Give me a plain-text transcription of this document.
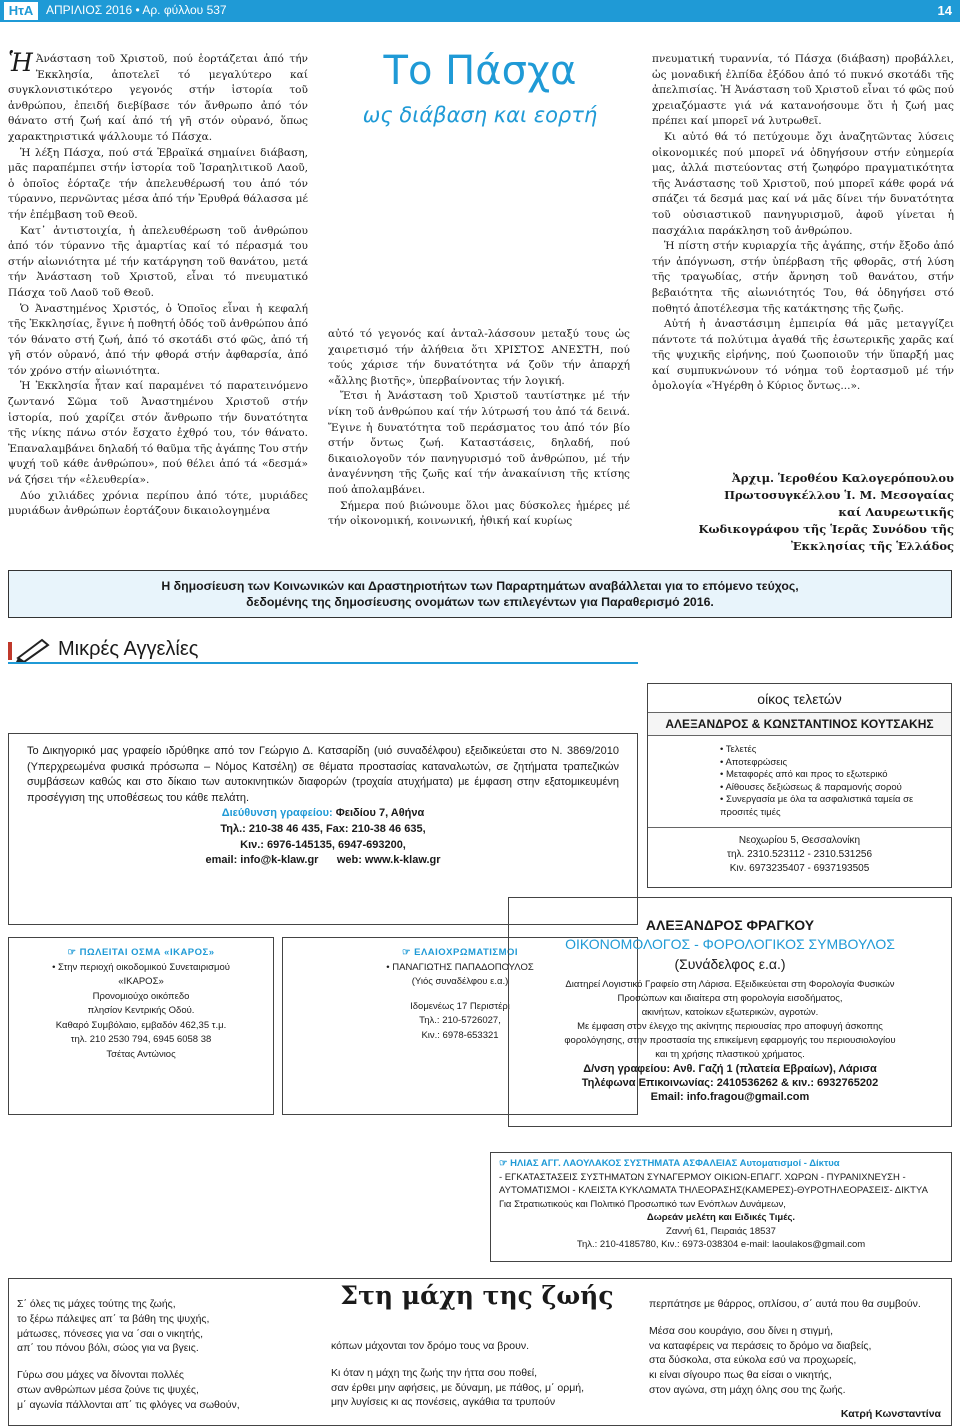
ΗτΑ	ΑΠΡΙΛΙΟΣ 2016 • Αρ. φύλλου 537	14

ἩἈνάσταση τοῦ Χριστοῦ, πού ἑορτάζεται ἀπό τήν Ἐκκλησία, ἀποτελεῖ τό μεγαλύτερο καί συγκλονιστικότερο γεγονός στήν ἱστορία τοῦ ἀνθρώπου, ἐπειδή διεβίβασε τόν ἄνθρωπο ἀπό τόν θάνατο στή ζωή καί ἀπό τή γῆ στόν οὐρανό, ὅπως χαρακτηριστικά ψάλλουμε τό Πάσχα.

Ἡ λέξη Πάσχα, πού στά Ἑβραϊκά σημαίνει διάβαση, μᾶς παραπέμπει στήν ἱστορία τοῦ Ἰσραηλιτικοῦ Λαοῦ, ὁ ὁποῖος ἑόρταζε τήν ἀπελευθέρωσή του ἀπό τόν τύραννο, περνῶντας μέσα ἀπό τήν Ἐρυθρά θάλασσα μέ τήν ἐπέμβαση τοῦ Θεοῦ.

Κατ᾽ ἀντιστοιχία, ἡ ἀπελευθέρωση τοῦ ἀνθρώπου ἀπό τόν τύραννο τῆς ἁμαρτίας καί τό πέρασμά του στήν αἰωνιότητα μέ τήν κατάργηση τοῦ θανάτου, μετά τήν Ἀνάσταση τοῦ Χριστοῦ, εἶναι τό πνευματικό Πάσχα τοῦ Λαοῦ τοῦ Θεοῦ.

Ὁ Ἀναστημένος Χριστός, ὁ Ὁποῖος εἶναι ἡ κεφαλή τῆς Ἐκκλησίας, ἔγινε ἡ ποθητή ὁδός τοῦ ἀνθρώπου ἀπό τόν θάνατο στή ζωή, ἀπό τό σκοτάδι στό φῶς, ἀπό τή γῆ στόν οὐρανό, ἀπό τήν φθορά στήν ἀφθαρσία, ἀπό τόν χρόνο στήν αἰωνιότητα.

Ἡ Ἐκκλησία ἦταν καί παραμένει τό παρατεινόμενο ζωντανό Σῶμα τοῦ Ἀναστημένου Χριστοῦ στήν ἱστορία, πού χαρίζει στόν ἄνθρωπο τήν δυνατότητα τῆς νίκης πάνω στόν ἔσχατο ἐχθρό του, τόν θάνατο. Ἐπαναλαμβάνει δηλαδή τό θαῦμα τῆς ἀγάπης Του στήν ψυχή τοῦ κάθε ἀνθρώπου», πού θέλει ἀπό τά «δεσμά» νά ζήσει τήν «ἐλευθερία».

Δύο χιλιάδες χρόνια περίπου ἀπό τότε, μυριάδες μυριάδων ἀνθρώπων ἑορτάζουν δικαιολογημένα

Το Πάσχα
ως διάβαση και εορτή

αὐτό τό γεγονός καί ἀνταλ-λάσσουν μεταξύ τους ὡς χαιρετισμό τήν ἀλήθεια ὅτι ΧΡΙΣΤΟΣ ΑΝΕΣΤΗ, πού τούς χάρισε τήν δυνατότητα νά ζοῦν τήν ἀπαρχή «ἄλλης βιοτῆς», ὑπερβαίνοντας τήν λογική.

Ἔτσι ἡ Ἀνάσταση τοῦ Χριστοῦ ταυτίστηκε μέ τήν νίκη τοῦ ἀνθρώπου καί τήν λύτρωσή του ἀπό τά δεινά. Ἔγινε ἡ δυνατότητα τοῦ περάσματος του ἀπό τόν βίο στήν ὄντως ζωή. Καταστάσεις, δηλαδή, πού δικαιολογοῦν τόν πανηγυρισμό τοῦ ἀνθρώπου, μέ τήν ἀναγέννηση τῆς ζωῆς καί τήν ἀνακαίνιση τῆς κτίσης πού ἀπολαμβάνει.

Σήμερα πού βιώνουμε ὅλοι μας δύσκολες ἡμέρες μέ τήν οἰκονομική, κοινωνική, ἠθική καί κυρίως

πνευματική τυραννία, τό Πάσχα (διάβαση) προβάλλει, ὡς μοναδική ἐλπίδα ἐξόδου ἀπό τό πυκνό σκοτάδι τῆς ἀπελπισίας. Ἡ Ἀνάσταση τοῦ Χριστοῦ εἶναι τό φῶς πού χρειαζόμαστε γιά νά κατανοήσουμε ὅτι ἡ ζωή μας πρέπει καί μπορεῖ νά λυτρωθεῖ.

Κι αὐτό θά τό πετύχουμε ὄχι ἀναζητῶντας λύσεις οἰκονομικές πού μπορεῖ νά ὁδηγήσουν στήν εὐημερία μας, ἀλλά πιστεύοντας στή ζωηφόρο πραγματικότητα τῆς Ἀνάστασης τοῦ Χριστοῦ, πού μπορεῖ κάθε φορά νά σπάζει τά δεσμά μας καί νά μᾶς δίνει τήν δυνατότητα τοῦ οὐσιαστικοῦ πανηγυρισμοῦ, ἀφοῦ γίνεται ἡ πασχάλια παράκληση τοῦ ἀνθρώπου.

Ἡ πίστη στήν κυριαρχία τῆς ἀγάπης, στήν ἔξοδο ἀπό τήν ἀπόγνωση, στήν ὑπέρβαση τῆς φθορᾶς, στή λύση τῆς τραγωδίας, στήν ἄρνηση τοῦ θανάτου, στήν βεβαιότητα τῆς αἰωνιότητός Του, θά ὁδηγήσει στό ποθητό ἀποτέλεσμα τῆς κατάκτησης τῆς ζωῆς.

Αὐτή ἡ ἀναστάσιμη ἐμπειρία θά μᾶς μεταγγίζει πάντοτε τά πολύτιμα ἀγαθά τῆς ἐσωτερικῆς χαρᾶς καί τῆς ψυχικῆς εἰρήνης, πού ζωοποιοῦν τήν ὕπαρξή μας καί συμπυκνώνουν τό νόημα τοῦ ἑορτασμοῦ μέ τήν ὁμολογία «Ἠγέρθη ὁ Κύριος ὄντως...».

Ἀρχιμ. Ἱεροθέου Καλογερόπουλου
Πρωτοσυγκέλλου Ἱ. Μ. Μεσογαίας
καί Λαυρεωτικῆς
Κωδικογράφου τῆς Ἱερᾶς Συνόδου τῆς
Ἐκκλησίας τῆς Ἑλλάδος
Η δημοσίευση των Κοινωνικών και Δραστηριοτήτων των Παραρτημάτων αναβάλλεται για το επόμενο τεύχος,
δεδομένης της δημοσίευσης ονομάτων των επιλεγέντων για Παραθερισμό 2016.
Μικρές Αγγελίες
Το Δικηγορικό μας γραφείο ιδρύθηκε από τον Γεώργιο Δ. Κατσαρίδη (υιό συναδέλφου) εξειδικεύεται στο Ν. 3869/2010 (Υπερχρεωμένα φυσικά πρόσωπα – Νόμος Κατσέλη) σε θέματα προστασίας καταναλωτών, σε ζητήματα τραπεζικών συμβάσεων καθώς και στο δίκαιο των αυτοκινητικών διαφορών (τροχαία ατυχήματα) με έμφαση στην εξατομικευμένη προσέγγιση της υποθέσεως του κάθε πελάτη.
Διεύθυνση γραφείου: Φειδίου 7, Αθήνα
Τηλ.: 210-38 46 435, Fax: 210-38 46 635,
Κιν.: 6976-145135, 6947-693200,
email: info@k-klaw.gr web: www.k-klaw.gr
☞ ΠΩΛΕΙΤΑΙ ΟΣΜΑ «ΙΚΑΡΟΣ»
• Στην περιοχή οικοδομικού Συνεταιρισμού
«ΙΚΑΡΟΣ»
Προνομιούχο οικόπεδο
πλησίον Κεντρικής Οδού.
Καθαρό Συμβόλαιο, εμβαδόν 462,35 τ.μ.
τηλ. 210 2530 794, 6945 6058 38
Τσέτας Αντώνιος
☞ ΕΛΑΙΟΧΡΩΜΑΤΙΣΜΟΙ
• ΠΑΝΑΓΙΩΤΗΣ ΠΑΠΑΔΟΠΟΥΛΟΣ
(Υιός συναδέλφου ε.α.)
Ιδομενέως 17 Περιστέρι
Τηλ.: 210-5726027,
Κιν.: 6978-653321
οίκος τελετών
ΑΛΕΞΑΝΔΡΟΣ & ΚΩΝΣΤΑΝΤΙΝΟΣ ΚΟΥΤΣΑΚΗΣ
• Τελετές
• Αποτεφρώσεις
• Μεταφορές από και προς το εξωτερικό
• Αίθουσες δεξιώσεως & παραμονής σορού
• Συνεργασία με όλα τα ασφαλιστικά ταμεία σε προσιτές τιμές
Νεοχωρίου 5, Θεσσαλονίκη
τηλ. 2310.523112 - 2310.531256
Κιν. 6973235407 - 6937193505
ΑΛΕΞΑΝΔΡΟΣ ΦΡΑΓΚΟΥ
ΟΙΚΟΝΟΜΟΛΟΓΟΣ - ΦΟΡΟΛΟΓΙΚΟΣ ΣΥΜΒΟΥΛΟΣ
(Συνάδελφος ε.α.)
Διατηρεί Λογιστικό Γραφείο στη Λάρισα. Εξειδικεύεται στη Φορολογία Φυσικών
Προσώπων και ιδιαίτερα στη φορολογία εισοδήματος,
ακινήτων, κατοίκων εξωτερικών, αγροτών.
Με έμφαση στον έλεγχο της ακίνητης περιουσίας προ αποφυγή άσκοπης
φορολόγησης, στην προστασία της επικείμενη εφαρμογής του περιουσιολογίου
και τη χρήσης πλαστικού χρήματος.
Δ/νση γραφείου: Ανθ. Γαζή 1 (πλατεία Εβραίων), Λάρισα
Τηλέφωνα Επικοινωνίας: 2410536262 & κιν.: 6932765202
Email: info.fragou@gmail.com
☞ ΗΛΙΑΣ ΑΓΓ. ΛΑΟΥΛΑΚΟΣ ΣΥΣΤΗΜΑΤΑ ΑΣΦΑΛΕΙΑΣ Αυτοματισμοί - Δίκτυα
- ΕΓΚΑΤΑΣΤΑΣΕΙΣ ΣΥΣΤΗΜΑΤΩΝ ΣΥΝΑΓΕΡΜΟΥ ΟΙΚΙΩΝ-ΕΠΑΓΓ. ΧΩΡΩΝ - ΠΥΡΑΝΙΧΝΕΥΣΗ - ΑΥΤΟΜΑΤΙΣΜΟΙ - ΚΛΕΙΣΤΑ ΚΥΚΛΩΜΑΤΑ ΤΗΛΕΟΡΑΣΗΣ(ΚΑΜΕΡΕΣ)-ΘΥΡΟΤΗΛΕΟΡΑΣΕΙΣ- ΔΙΚΤΥΑ
Για Στρατιωτικούς και Πολιτικό Προσωπικό των Ενόπλων Δυνάμεων,
Δωρεάν μελέτη και Ειδικές Τιμές.
Ζαννή 61, Πειραιάς 18537
Τηλ.: 210-4185780, Κιν.: 6973-038304 e-mail: laoulakos@gmail.com
Στη μάχη της ζωής
Σ΄ όλες τις μάχες τούτης της ζωής,
το ξέρω πάλεψες απ΄ τα βάθη της ψυχής,
μάτωσες, πόνεσες για να ΄σαι ο νικητής,
απ΄ του πόνου βόλι, σώος για να βγεις.
Γύρω σου μάχες να δίνονται πολλές
στων ανθρώπων μέσα ζούνε τις ψυχές,
μ΄ αγωνία πάλλονται απ΄ τις φλόγες να σωθούν,
κόπων μάχονται τον δρόμο τους να βρουν.
Κι όταν η μάχη της ζωής την ήττα σου ποθεί,
σαν έρθει μην αφήσεις, με δύναμη, με πάθος, μ΄ ορμή,
μην λυγίσεις κι ας πονέσεις, αγκάθια τα τρυπούν
περπάτησε με θάρρος, οπλίσου, σ΄ αυτά που θα συμβούν.
Μέσα σου κουράγιο, σου δίνει η στιγμή,
να καταφέρεις να περάσεις το δρόμο να διαβείς,
στα δύσκολα, στα εύκολα εσύ να προχωρείς,
κι είναι σίγουρο πως θα είσαι ο νικητής,
στον αγώνα, στη μάχη όλης σου της ζωής.
Κατρή Κωνσταντίνα
